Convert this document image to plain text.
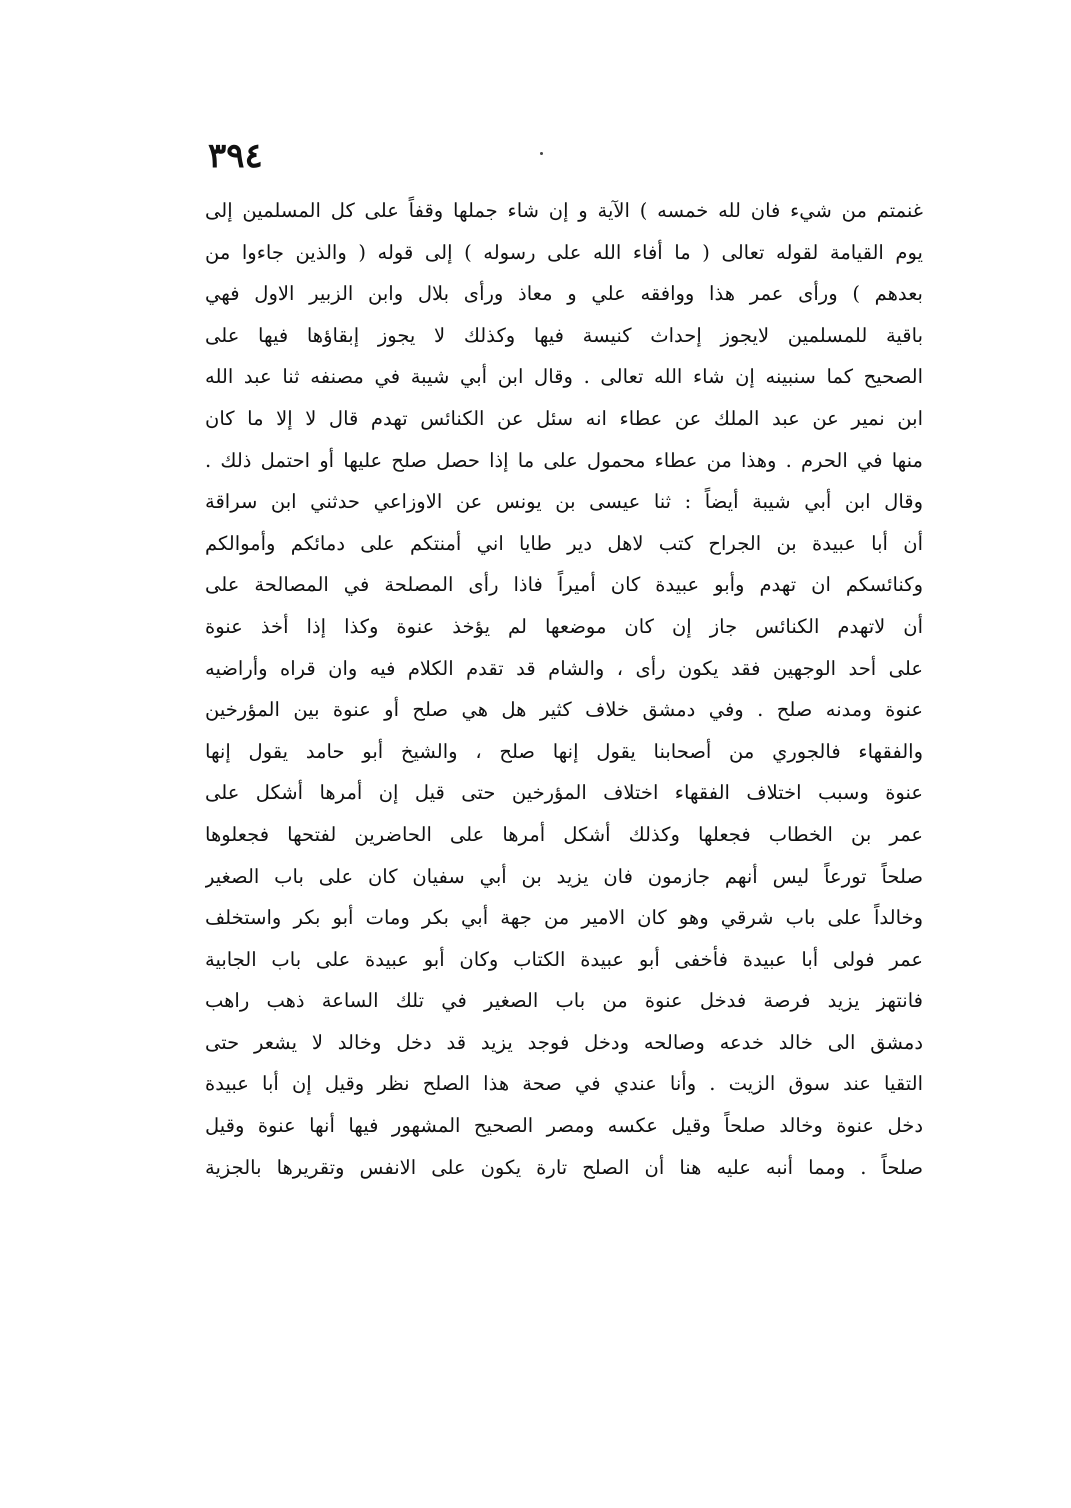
٣٩٤
غنمتم من شيء فان لله خمسه ) الآية و إن شاء جملها وقفاً على كل المسلمين إلى
يوم القيامة لقوله تعالى ( ما أفاء الله على رسوله ) إلى قوله ( والذين جاءوا من
بعدهم ) ورأى عمر هذا ووافقه علي و معاذ ورأى بلال وابن الزبير الاول فهي
باقية للمسلمين لايجوز إحداث كنيسة فيها وكذلك لا يجوز إبقاؤها فيها على
الصحيح كما سنبينه إن شاء الله تعالى . وقال ابن أبي شيبة في مصنفه ثنا عبد الله
ابن نمير عن عبد الملك عن عطاء انه سئل عن الكنائس تهدم قال لا إلا ما كان
منها في الحرم . وهذا من عطاء محمول على ما إذا حصل صلح عليها أو احتمل ذلك .
وقال ابن أبي شيبة أيضاً : ثنا عيسى بن يونس عن الاوزاعي حدثني ابن سراقة
أن أبا عبيدة بن الجراح كتب لاهل دير طايا اني أمنتكم على دمائكم وأموالكم
وكنائسكم ان تهدم وأبو عبيدة كان أميراً فاذا رأى المصلحة في المصالحة على
أن لاتهدم الكنائس جاز إن كان موضعها لم يؤخذ عنوة وكذا إذا أخذ عنوة
على أحد الوجهين فقد يكون رأى ، والشام قد تقدم الكلام فيه وان قراه وأراضيه
عنوة ومدنه صلح . وفي دمشق خلاف كثير هل هي صلح أو عنوة بين المؤرخين
والفقهاء فالجوري من أصحابنا يقول إنها صلح ، والشيخ أبو حامد يقول إنها
عنوة وسبب اختلاف الفقهاء اختلاف المؤرخين حتى قيل إن أمرها أشكل على
عمر بن الخطاب فجعلها وكذلك أشكل أمرها على الحاضرين لفتحها فجعلوها
صلحاً تورعاً ليس أنهم جازمون فان يزيد بن أبي سفيان كان على باب الصغير
وخالداً على باب شرقي وهو كان الامير من جهة أبي بكر ومات أبو بكر واستخلف
عمر فولى أبا عبيدة فأخفى أبو عبيدة الكتاب وكان أبو عبيدة على باب الجابية
فانتهز يزيد فرصة فدخل عنوة من باب الصغير في تلك الساعة ذهب راهب
دمشق الى خالد خدعه وصالحه ودخل فوجد يزيد قد دخل وخالد لا يشعر حتى
التقيا عند سوق الزيت . وأنا عندي في صحة هذا الصلح نظر وقيل إن أبا عبيدة
دخل عنوة وخالد صلحاً وقيل عكسه ومصر الصحيح المشهور فيها أنها عنوة وقيل
صلحاً . ومما أنبه عليه هنا أن الصلح تارة يكون على الانفس وتقريرها بالجزية
